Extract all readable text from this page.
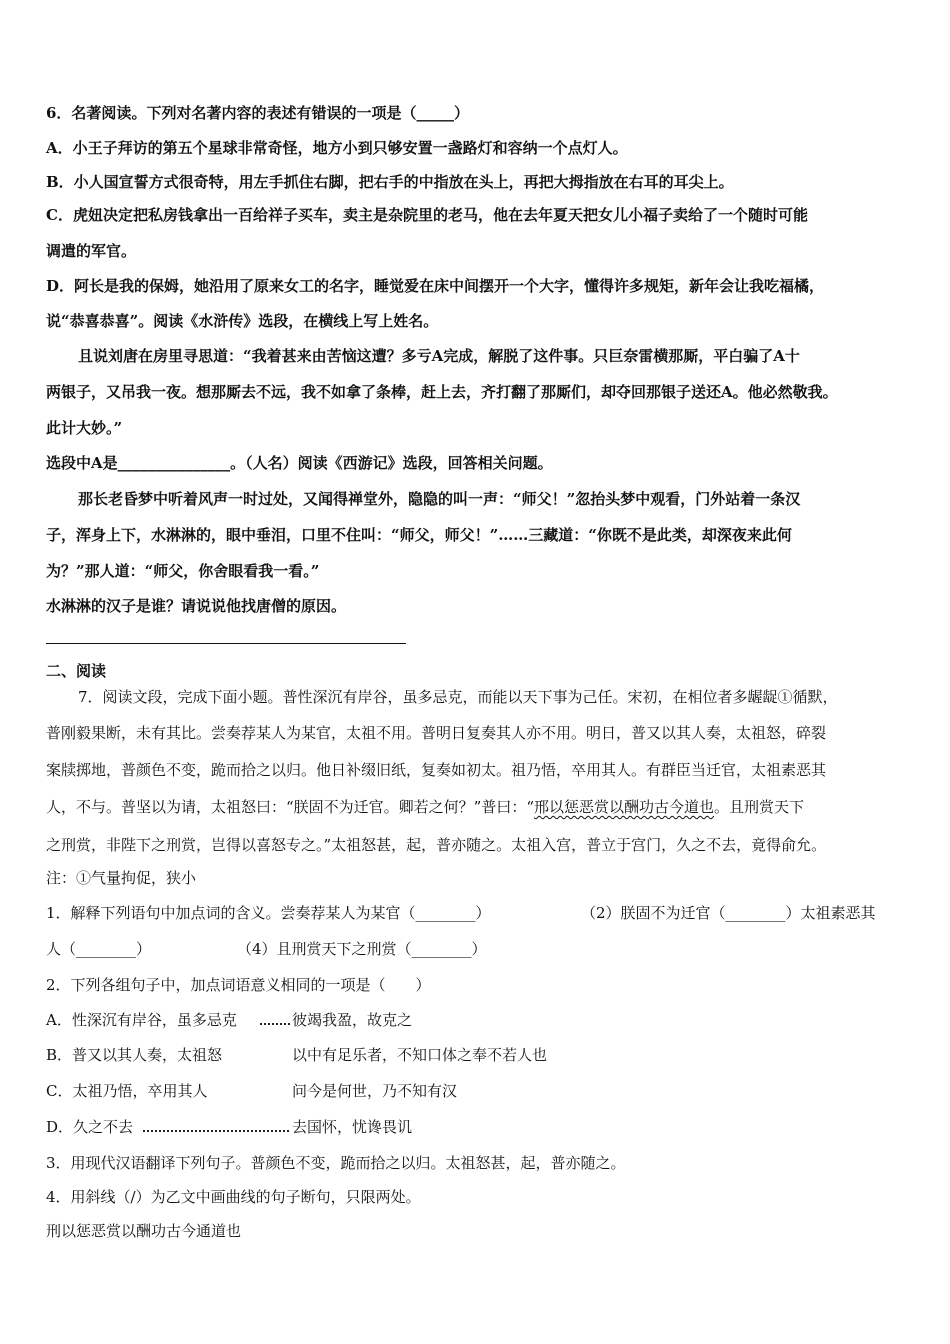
6．名著阅读。下列对名著内容的表述有错误的一项是（_____）
A．小王子拜访的第五个星球非常奇怪，地方小到只够安置一盏路灯和容纳一个点灯人。
B．小人国宣誓方式很奇特，用左手抓住右脚，把右手的中指放在头上，再把大拇指放在右耳的耳尖上。
C．虎妞决定把私房钱拿出一百给祥子买车，卖主是杂院里的老马，他在去年夏天把女儿小福子卖给了一个随时可能
调遣的军官。
D．阿长是我的保姆，她沿用了原来女工的名字，睡觉爱在床中间摆开一个大字，懂得许多规矩，新年会让我吃福橘，
说“恭喜恭喜”。阅读《水浒传》选段，在横线上写上姓名。
且说刘唐在房里寻思道：“我着甚来由苦恼这遭？多亏A完成，解脱了这件事。只巨奈雷横那厮，平白骗了A十
两银子，又吊我一夜。想那厮去不远，我不如拿了条棒，赶上去，齐打翻了那厮们，却夺回那银子送还A。他必然敬我。
此计大妙。”
选段中A是_______________。（人名）阅读《西游记》选段，回答相关问题。
那长老昏梦中听着风声一时过处，又闻得禅堂外，隐隐的叫一声：“师父！”忽抬头梦中观看，门外站着一条汉
子，浑身上下，水淋淋的，眼中垂泪，口里不住叫：“师父，师父！”……三藏道：“你既不是此类，却深夜来此何
为？”那人道：“师父，你舍眼看我一看。”
水淋淋的汉子是谁？请说说他找唐僧的原因。
二、阅读
7．阅读文段，完成下面小题。普性深沉有岸谷，虽多忌克，而能以天下事为己任。宋初，在相位者多龌龊①循默，
普刚毅果断，未有其比。尝奏荐某人为某官，太祖不用。普明日复奏其人亦不用。明日，普又以其人奏，太祖怒，碎裂
案牍掷地，普颜色不变，跪而拾之以归。他日补缀旧纸，复奏如初太。祖乃悟，卒用其人。有群臣当迁官，太祖素恶其
人，不与。普坚以为请，太祖怒曰：“朕固不为迁官。卿若之何？”普曰：“邢以惩恶赏以酬功古今道也。且刑赏天下
之刑赏，非陛下之刑赏，岂得以喜怒专之。”太祖怒甚，起，普亦随之。太祖入宫，普立于宫门，久之不去，竟得俞允。
注：①气量拘促，狭小
1．解释下列语句中加点词的含义。尝奏荐某人为某官（________）	（2）朕固不为迁官（________）太祖素恶其
人（________）	（4）且刑赏天下之刑赏（________）
2．下列各组句子中，加点词语意义相同的一项是（　　）
A．性深沉有岸谷，虽多忌克	彼竭我盈，故克之
B．普又以其人奏，太祖怒	以中有足乐者，不知口体之奉不若人也
C．太祖乃悟，卒用其人	问今是何世，乃不知有汉
D．久之不去	去国怀，忧谗畏讥
3．用现代汉语翻译下列句子。普颜色不变，跪而拾之以归。太祖怒甚，起，普亦随之。
4．用斜线（/）为乙文中画曲线的句子断句，只限两处。
刑以惩恶赏以酬功古今通道也
